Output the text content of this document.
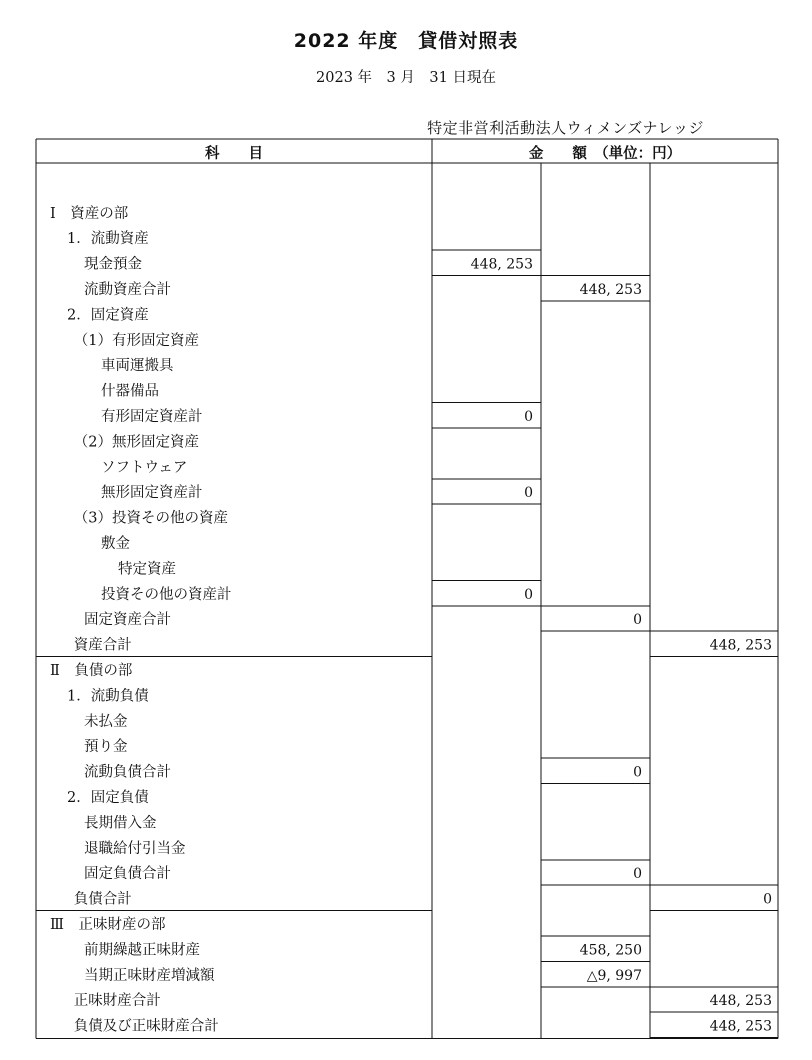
2022 年度　貸借対照表
2023 年　3 月　31 日現在
特定非営利活動法人ウィメンズナレッジ
科　　目	金　　額　（単位：円）
Ⅰ　資産の部
1．流動資産
現金預金	448, 253
流動資産合計	448, 253
2．固定資産
（1）有形固定資産
車両運搬具
什器備品
有形固定資産計	0
（2）無形固定資産
ソフトウェア
無形固定資産計	0
（3）投資その他の資産
敷金
特定資産
投資その他の資産計	0
固定資産合計	0
資産合計	448, 253
Ⅱ　負債の部
1．流動負債
未払金
預り金
流動負債合計	0
2．固定負債
長期借入金
退職給付引当金
固定負債合計	0
負債合計	0
Ⅲ　正味財産の部
前期繰越正味財産	458, 250
当期正味財産増減額	△9, 997
正味財産合計	448, 253
負債及び正味財産合計	448, 253
